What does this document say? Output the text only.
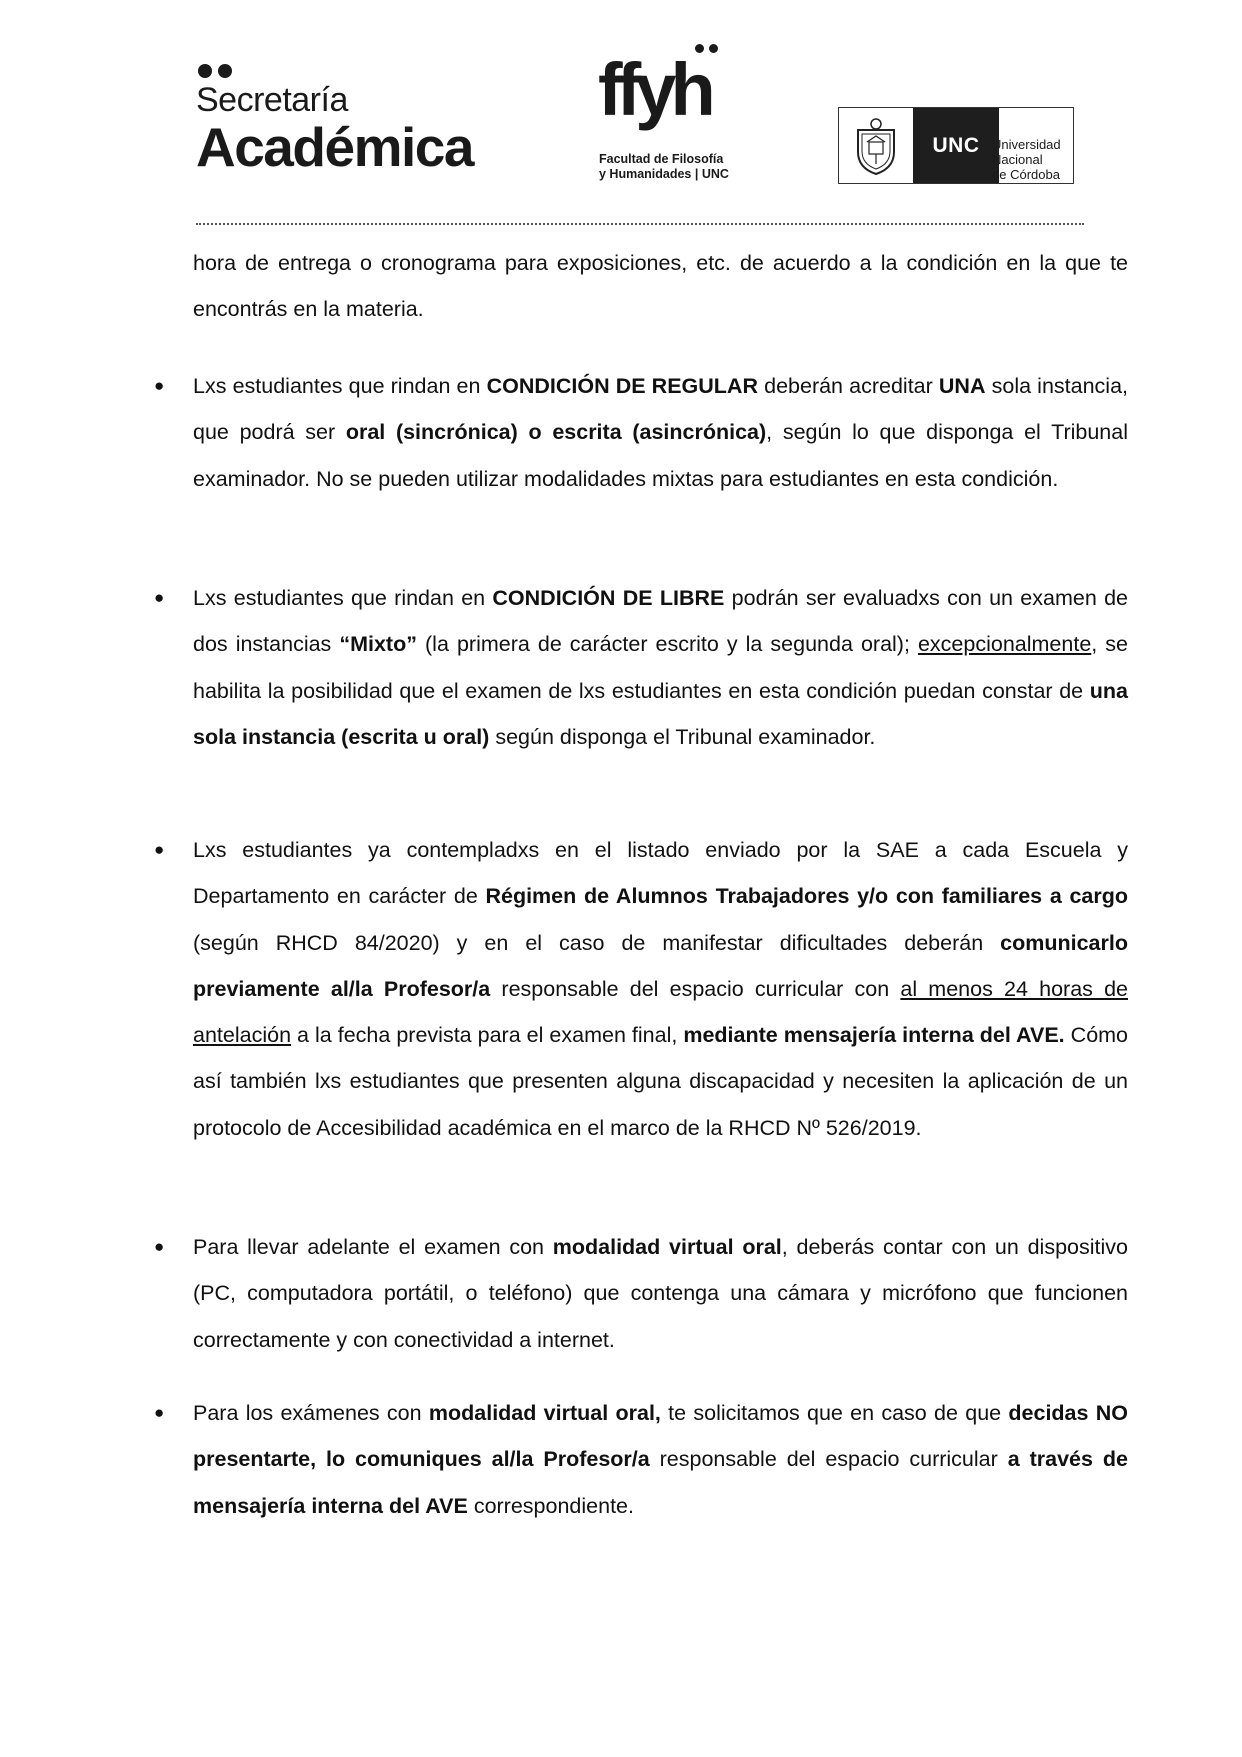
Secretaría
Académica
ffyh
Facultad de Filosofía
y Humanidades | UNC
UNC Universidad
Nacional
de Córdoba

hora de entrega o cronograma para exposiciones, etc. de acuerdo a la condición en la que te encontrás en la materia.

● Lxs estudiantes que rindan en CONDICIÓN DE REGULAR deberán acreditar UNA sola instancia, que podrá ser oral (sincrónica) o escrita (asincrónica), según lo que disponga el Tribunal examinador. No se pueden utilizar modalidades mixtas para estudiantes en esta condición.

● Lxs estudiantes que rindan en CONDICIÓN DE LIBRE podrán ser evaluadxs con un examen de dos instancias “Mixto” (la primera de carácter escrito y la segunda oral); excepcionalmente, se habilita la posibilidad que el examen de lxs estudiantes en esta condición puedan constar de una sola instancia (escrita u oral) según disponga el Tribunal examinador.

● Lxs estudiantes ya contempladxs en el listado enviado por la SAE a cada Escuela y Departamento en carácter de Régimen de Alumnos Trabajadores y/o con familiares a cargo (según RHCD 84/2020) y en el caso de manifestar dificultades deberán comunicarlo previamente al/la Profesor/a responsable del espacio curricular con al menos 24 horas de antelación a la fecha prevista para el examen final, mediante mensajería interna del AVE. Cómo así también lxs estudiantes que presenten alguna discapacidad y necesiten la aplicación de un protocolo de Accesibilidad académica en el marco de la RHCD Nº 526/2019.

● Para llevar adelante el examen con modalidad virtual oral, deberás contar con un dispositivo (PC, computadora portátil, o teléfono) que contenga una cámara y micrófono que funcionen correctamente y con conectividad a internet.

● Para los exámenes con modalidad virtual oral, te solicitamos que en caso de que decidas NO presentarte, lo comuniques al/la Profesor/a responsable del espacio curricular a través de mensajería interna del AVE correspondiente.
